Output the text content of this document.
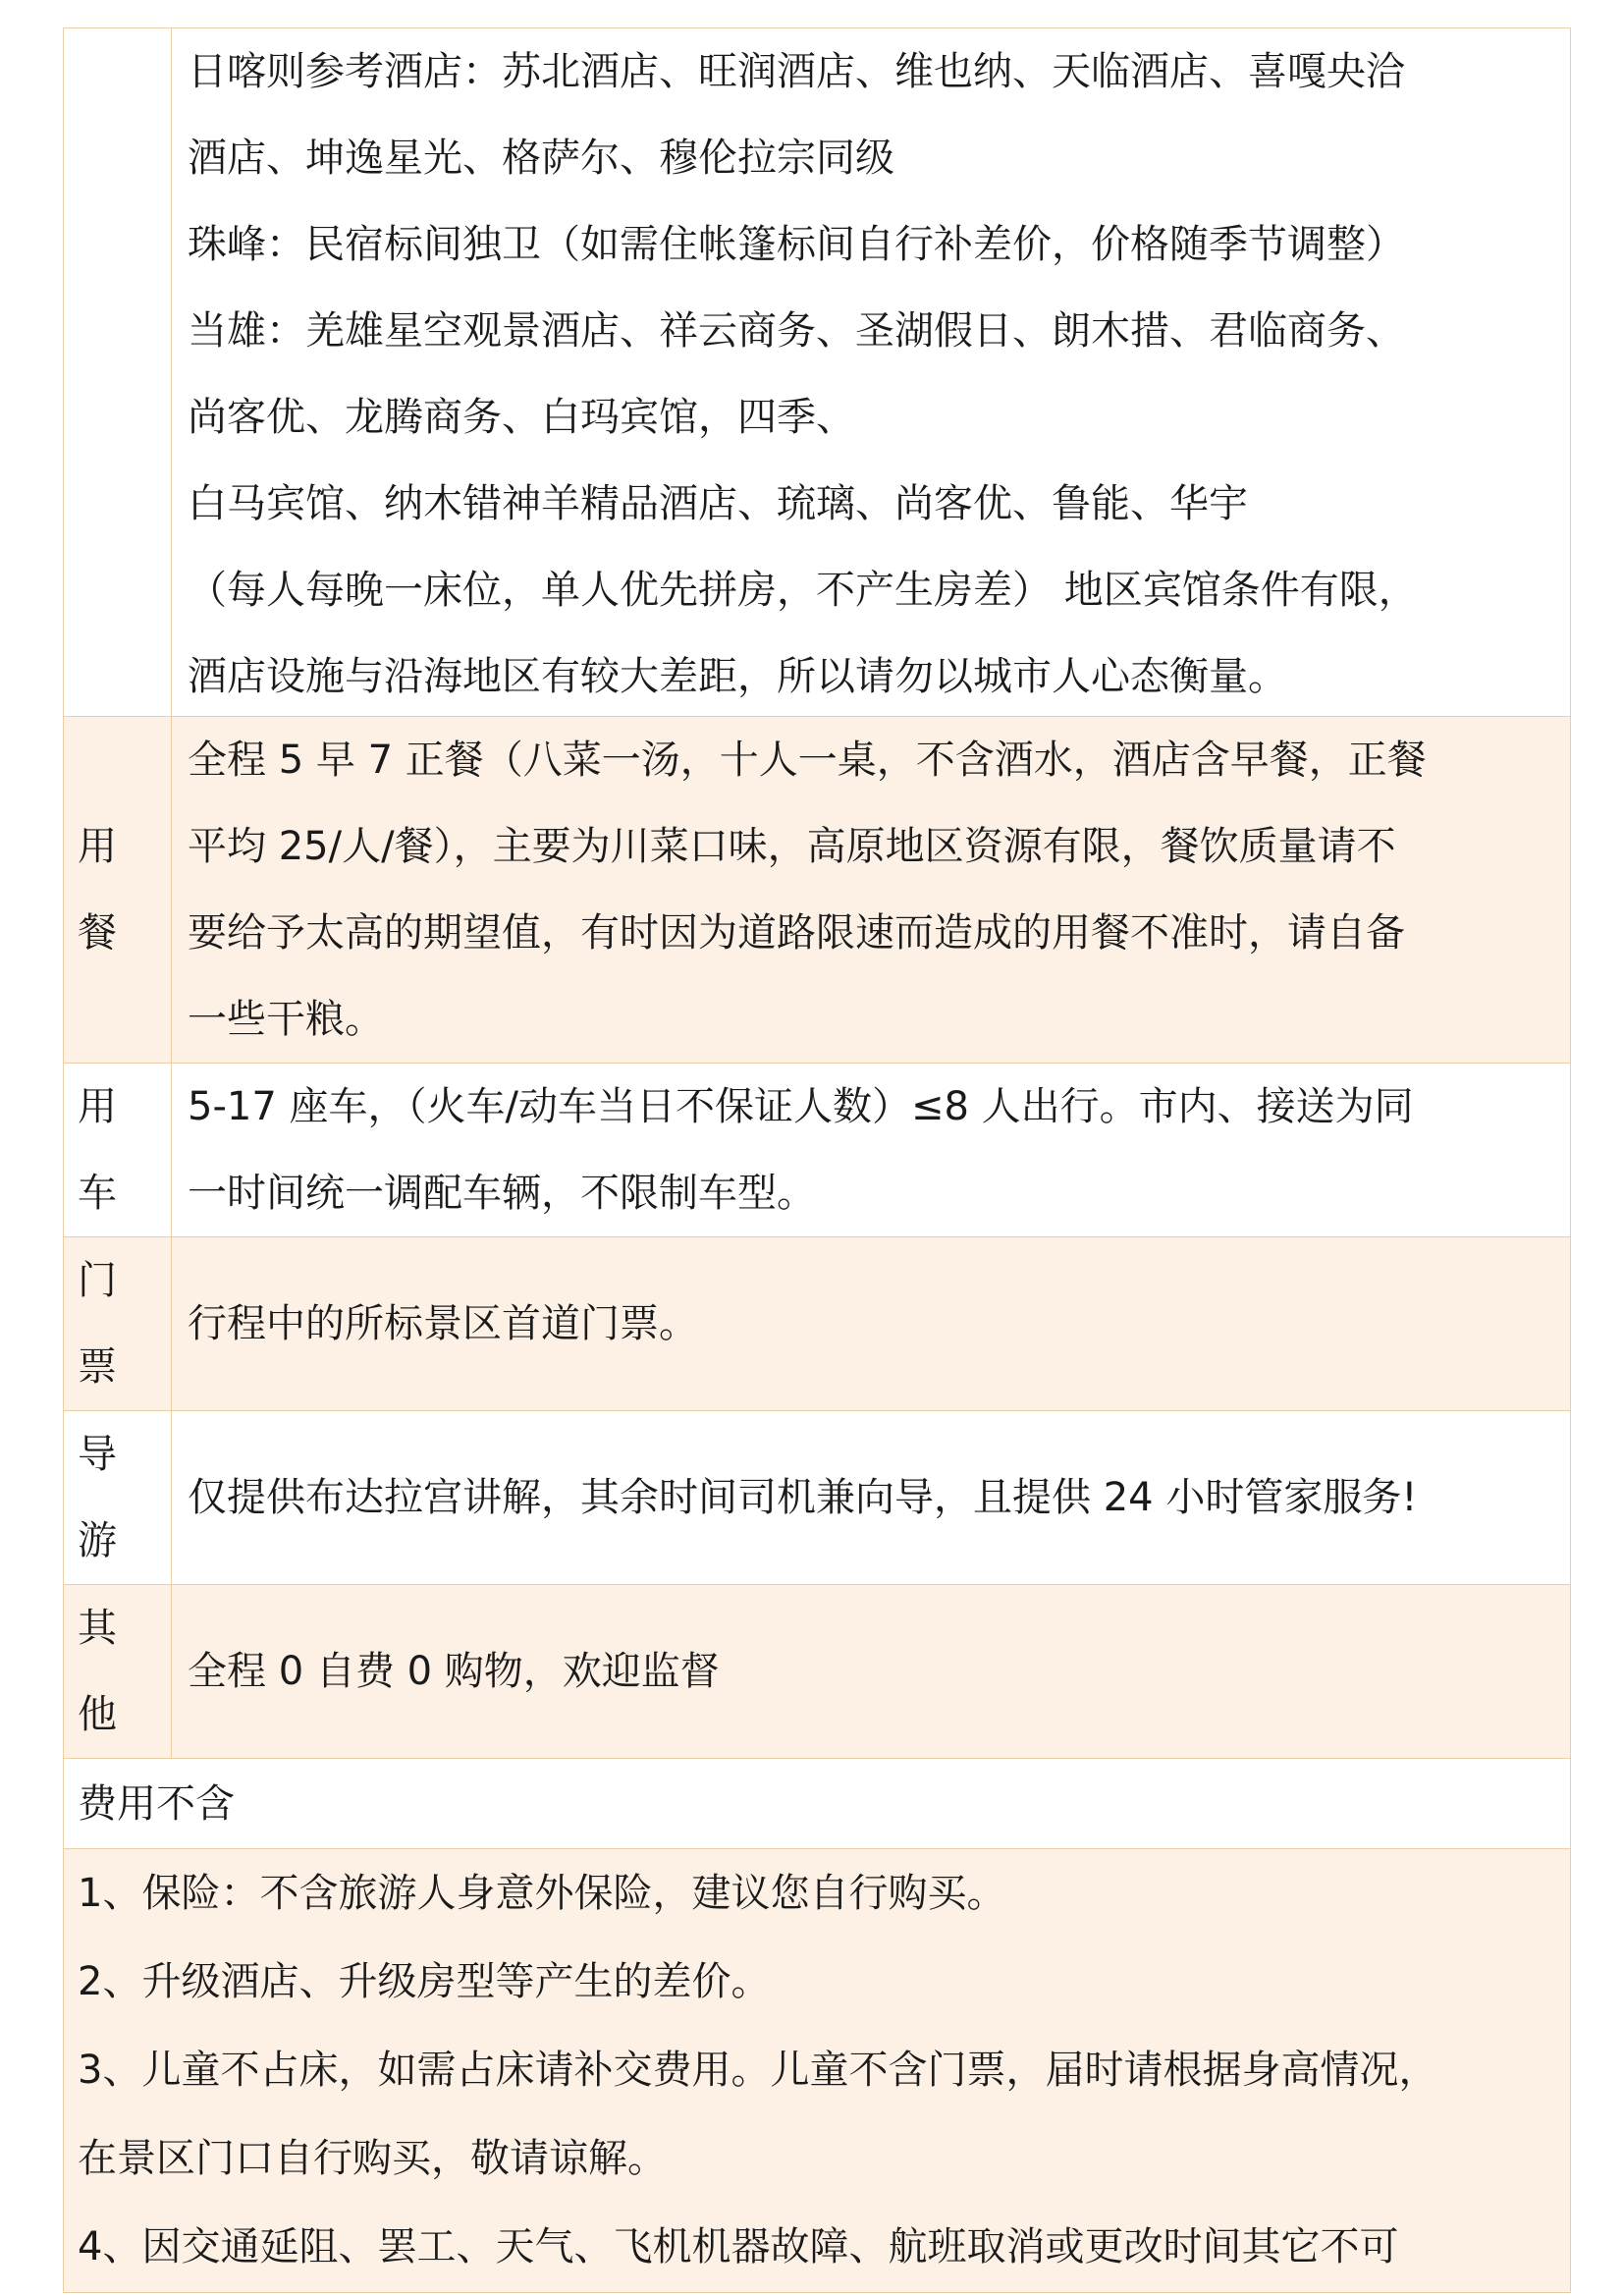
日喀则参考酒店：苏北酒店、旺润酒店、维也纳、天临酒店、喜嘎央洽

酒店、坤逸星光、格萨尔、穆伦拉宗同级

珠峰：民宿标间独卫（如需住帐篷标间自行补差价，价格随季节调整）

当雄：羌雄星空观景酒店、祥云商务、圣湖假日、朗木措、君临商务、

尚客优、龙腾商务、白玛宾馆，四季、

白马宾馆、纳木错神羊精品酒店、琉璃、尚客优、鲁能、华宇

（每人每晚一床位，单人优先拼房，不产生房差） 地区宾馆条件有限，

酒店设施与沿海地区有较大差距，所以请勿以城市人心态衡量。

用餐

全程 5 早 7 正餐（八菜一汤，十人一桌，不含酒水，酒店含早餐，正餐

平均 25/人/餐），主要为川菜口味，高原地区资源有限，餐饮质量请不

要给予太高的期望值，有时因为道路限速而造成的用餐不准时，请自备

一些干粮。

用车

5-17 座车，（火车/动车当日不保证人数）≤8 人出行。市内、接送为同

一时间统一调配车辆，不限制车型。

门票

行程中的所标景区首道门票。

导游

仅提供布达拉宫讲解，其余时间司机兼向导，且提供 24 小时管家服务!

其他

全程 0 自费 0 购物，欢迎监督

费用不含

1、保险：不含旅游人身意外保险，建议您自行购买。

2、升级酒店、升级房型等产生的差价。

3、儿童不占床，如需占床请补交费用。儿童不含门票，届时请根据身高情况，

在景区门口自行购买，敬请谅解。

4、因交通延阻、罢工、天气、飞机机器故障、航班取消或更改时间其它不可
